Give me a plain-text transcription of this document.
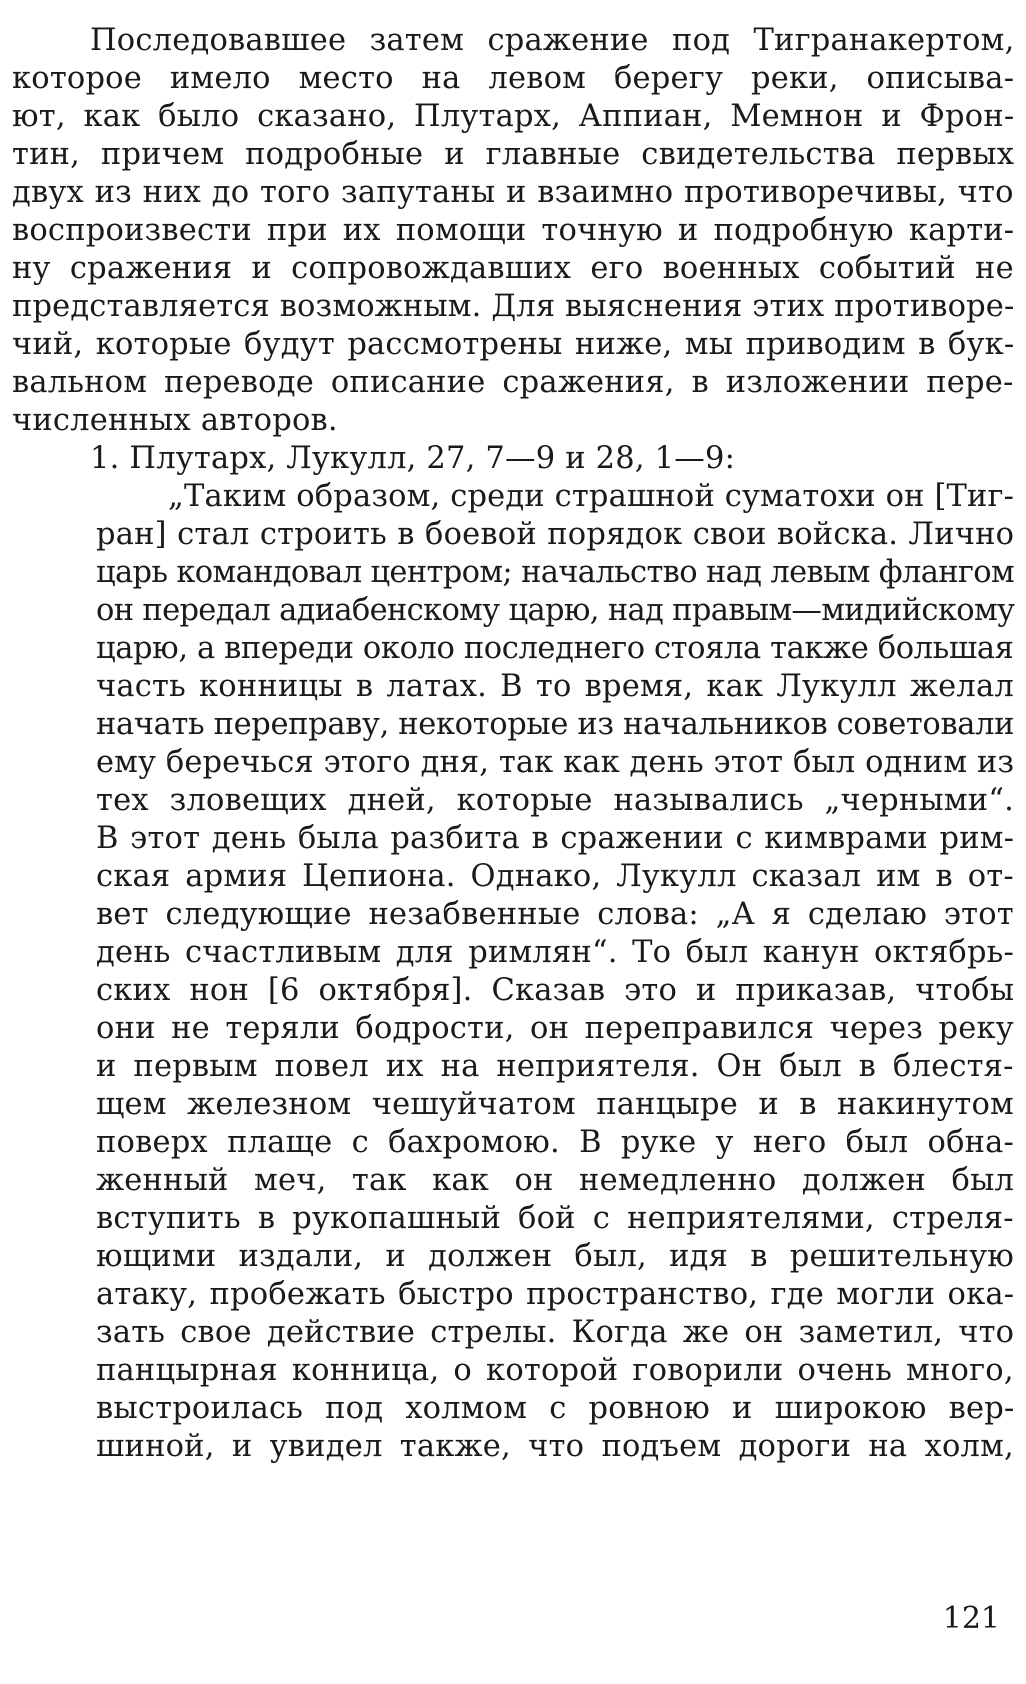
Последовавшее затем сражение под Тигранакертом,
которое имело место на левом берегу реки, описыва-
ют, как было сказано, Плутарх, Аппиан, Мемнон и Фрон-
тин, причем подробные и главные свидетельства первых
двух из них до того запутаны и взаимно противоречивы, что
воспроизвести при их помощи точную и подробную карти-
ну сражения и сопровождавших его военных событий не
представляется возможным. Для выяснения этих противоре-
чий, которые будут рассмотрены ниже, мы приводим в бук-
вальном переводе описание сражения, в изложении пере-
численных авторов.
1. Плутарх, Лукулл, 27, 7—9 и 28, 1—9:
„Таким образом, среди страшной суматохи он [Тиг-
ран] стал строить в боевой порядок свои войска. Лично
царь командовал центром; начальство над левым флангом
он передал адиабенскому царю, над правым—мидийскому
царю, а впереди около последнего стояла также большая
часть конницы в латах. В то время, как Лукулл желал
начать переправу, некоторые из начальников советовали
ему беречься этого дня, так как день этот был одним из
тех зловещих дней, которые назывались „черными“.
В этот день была разбита в сражении с кимврами рим-
ская армия Цепиона. Однако, Лукулл сказал им в от-
вет следующие незабвенные слова: „А я сделаю этот
день счастливым для римлян“. То был канун октябрь-
ских нон [6 октября]. Сказав это и приказав, чтобы
они не теряли бодрости, он переправился через реку
и первым повел их на неприятеля. Он был в блестя-
щем железном чешуйчатом панцыре и в накинутом
поверх плаще с бахромою. В руке у него был обна-
женный меч, так как он немедленно должен был
вступить в рукопашный бой с неприятелями, стреля-
ющими издали, и должен был, идя в решительную
атаку, пробежать быстро пространство, где могли ока-
зать свое действие стрелы. Когда же он заметил, что
панцырная конница, о которой говорили очень много,
выстроилась под холмом с ровною и широкою вер-
шиной, и увидел также, что подъем дороги на холм,
121
